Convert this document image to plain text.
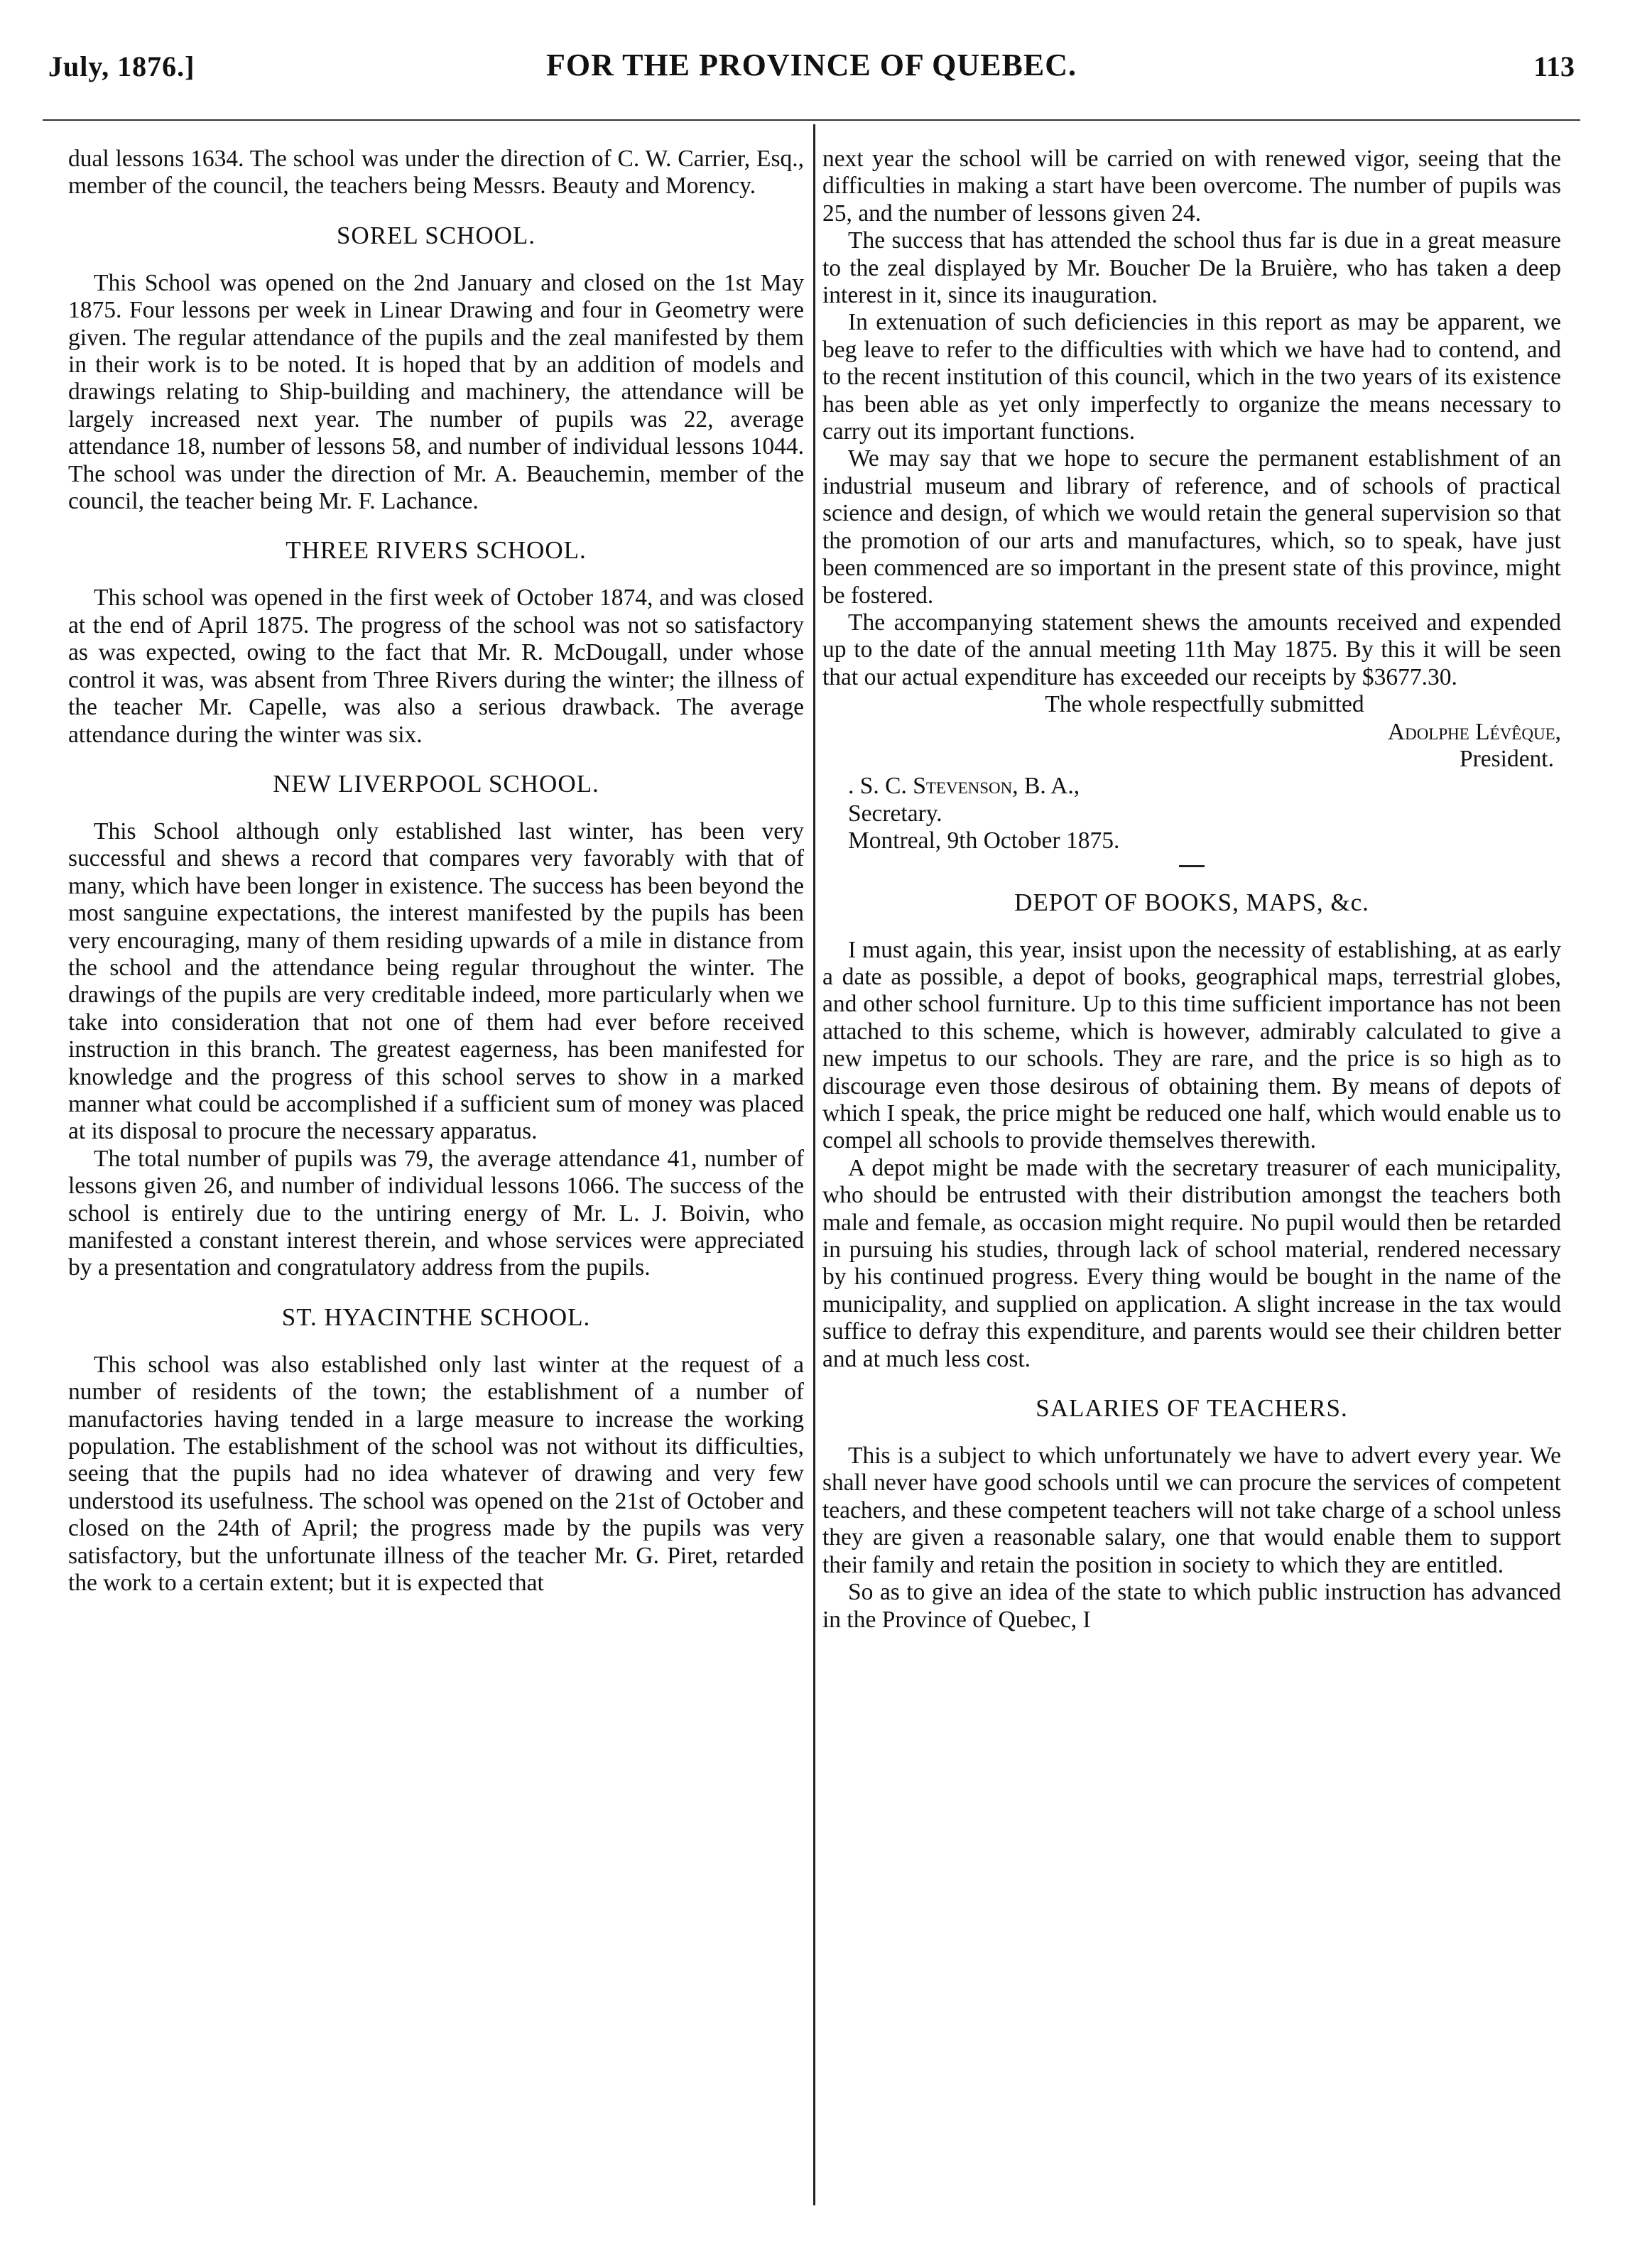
July, 1876.]	FOR THE PROVINCE OF QUEBEC.	113

dual lessons 1634. The school was under the direction of C. W. Carrier, Esq., member of the council, the teachers being Messrs. Beauty and Morency.

SOREL SCHOOL.

This School was opened on the 2nd January and closed on the 1st May 1875. Four lessons per week in Linear Drawing and four in Geometry were given. The regular attendance of the pupils and the zeal manifested by them in their work is to be noted. It is hoped that by an addition of models and drawings relating to Ship-building and machinery, the attendance will be largely increased next year. The number of pupils was 22, average attendance 18, number of lessons 58, and number of individual lessons 1044. The school was under the direction of Mr. A. Beauchemin, member of the council, the teacher being Mr. F. Lachance.

THREE RIVERS SCHOOL.

This school was opened in the first week of October 1874, and was closed at the end of April 1875. The progress of the school was not so satisfactory as was expected, owing to the fact that Mr. R. McDougall, under whose control it was, was absent from Three Rivers during the winter; the illness of the teacher Mr. Capelle, was also a serious drawback. The average attendance during the winter was six.

NEW LIVERPOOL SCHOOL.

This School although only established last winter, has been very successful and shews a record that compares very favorably with that of many, which have been longer in existence. The success has been beyond the most sanguine expectations, the interest manifested by the pupils has been very encouraging, many of them residing upwards of a mile in distance from the school and the attendance being regular throughout the winter. The drawings of the pupils are very creditable indeed, more particularly when we take into consideration that not one of them had ever before received instruction in this branch. The greatest eagerness, has been manifested for knowledge and the progress of this school serves to show in a marked manner what could be accomplished if a sufficient sum of money was placed at its disposal to procure the necessary apparatus.

The total number of pupils was 79, the average attendance 41, number of lessons given 26, and number of individual lessons 1066. The success of the school is entirely due to the untiring energy of Mr. L. J. Boivin, who manifested a constant interest therein, and whose services were appreciated by a presentation and congratulatory address from the pupils.

ST. HYACINTHE SCHOOL.

This school was also established only last winter at the request of a number of residents of the town; the establishment of a number of manufactories having tended in a large measure to increase the working population. The establishment of the school was not without its difficulties, seeing that the pupils had no idea whatever of drawing and very few understood its usefulness. The school was opened on the 21st of October and closed on the 24th of April; the progress made by the pupils was very satisfactory, but the unfortunate illness of the teacher Mr. G. Piret, retarded the work to a certain extent; but it is expected that

next year the school will be carried on with renewed vigor, seeing that the difficulties in making a start have been overcome. The number of pupils was 25, and the number of lessons given 24.

The success that has attended the school thus far is due in a great measure to the zeal displayed by Mr. Boucher De la Bruière, who has taken a deep interest in it, since its inauguration.

In extenuation of such deficiencies in this report as may be apparent, we beg leave to refer to the difficulties with which we have had to contend, and to the recent institution of this council, which in the two years of its existence has been able as yet only imperfectly to organize the means necessary to carry out its important functions.

We may say that we hope to secure the permanent establishment of an industrial museum and library of reference, and of schools of practical science and design, of which we would retain the general supervision so that the promotion of our arts and manufactures, which, so to speak, have just been commenced are so important in the present state of this province, might be fostered.

The accompanying statement shews the amounts received and expended up to the date of the annual meeting 11th May 1875. By this it will be seen that our actual expenditure has exceeded our receipts by $3677.30.

The whole respectfully submitted

Adolphe Lévêque,

President.

. S. C. Stevenson, B. A.,

Secretary.

Montreal, 9th October 1875.

DEPOT OF BOOKS, MAPS, &c.

I must again, this year, insist upon the necessity of establishing, at as early a date as possible, a depot of books, geographical maps, terrestrial globes, and other school furniture. Up to this time sufficient importance has not been attached to this scheme, which is however, admirably calculated to give a new impetus to our schools. They are rare, and the price is so high as to discourage even those desirous of obtaining them. By means of depots of which I speak, the price might be reduced one half, which would enable us to compel all schools to provide themselves therewith.

A depot might be made with the secretary treasurer of each municipality, who should be entrusted with their distribution amongst the teachers both male and female, as occasion might require. No pupil would then be retarded in pursuing his studies, through lack of school material, rendered necessary by his continued progress. Every thing would be bought in the name of the municipality, and supplied on application. A slight increase in the tax would suffice to defray this expenditure, and parents would see their children better and at much less cost.

SALARIES OF TEACHERS.

This is a subject to which unfortunately we have to advert every year. We shall never have good schools until we can procure the services of competent teachers, and these competent teachers will not take charge of a school unless they are given a reasonable salary, one that would enable them to support their family and retain the position in society to which they are entitled.

So as to give an idea of the state to which public instruction has advanced in the Province of Quebec, I
